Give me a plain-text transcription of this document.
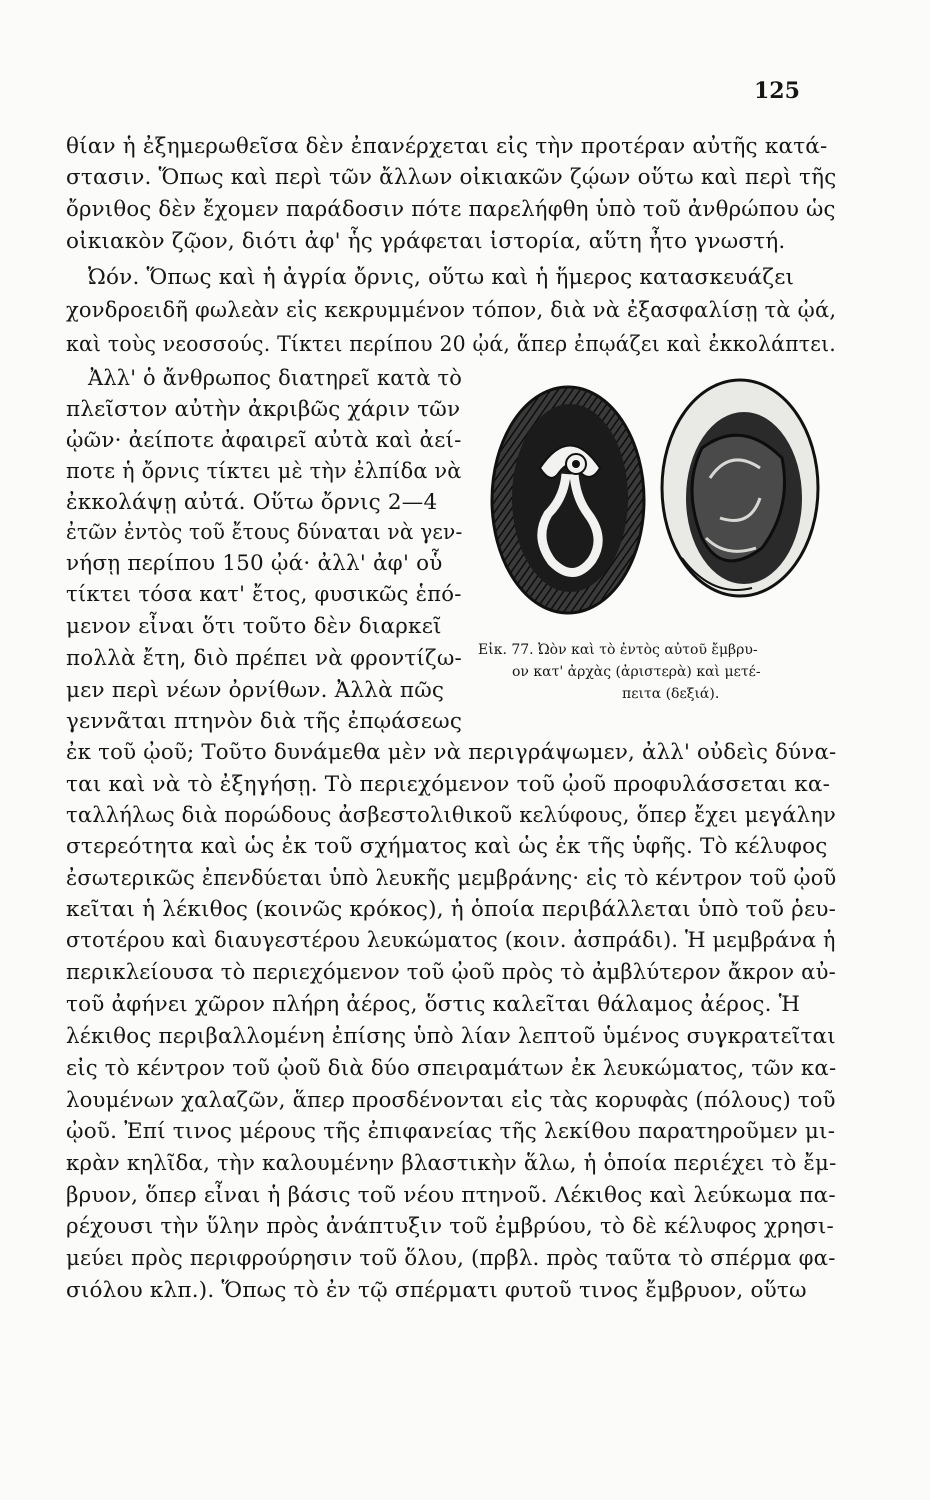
125
θίαν ἡ ἐξημερωθεῖσα δὲν ἐπανέρχεται εἰς τὴν προτέραν αὐτῆς κατά-
στασιν. Ὅπως καὶ περὶ τῶν ἄλλων οἰκιακῶν ζῴων οὕτω καὶ περὶ τῆς
ὄρνιθος δὲν ἔχομεν παράδοσιν πότε παρελήφθη ὑπὸ τοῦ ἀνθρώπου ὡς
οἰκιακὸν ζῷον, διότι ἀφ' ἧς γράφεται ἱστορία, αὕτη ἦτο γνωστή.
Ὠόν. Ὅπως καὶ ἡ ἀγρία ὄρνις, οὕτω καὶ ἡ ἥμερος κατασκευάζει
χονδροειδῆ φωλεὰν εἰς κεκρυμμένον τόπον, διὰ νὰ ἐξασφαλίσῃ τὰ ᾠά,
καὶ τοὺς νεοσσούς. Τίκτει περίπου 20 ᾠά, ἅπερ ἐπῳάζει καὶ ἐκκολάπτει.
Ἀλλ' ὁ ἄνθρωπος διατηρεῖ κατὰ τὸ
πλεῖστον αὐτὴν ἀκριβῶς χάριν τῶν
ᾠῶν· ἀείποτε ἀφαιρεῖ αὐτὰ καὶ ἀεί-
ποτε ἡ ὄρνις τίκτει μὲ τὴν ἐλπίδα νὰ
ἐκκολάψῃ αὐτά. Οὕτω ὄρνις 2—4
ἐτῶν ἐντὸς τοῦ ἔτους δύναται νὰ γεν-
νήσῃ περίπου 150 ᾠά· ἀλλ' ἀφ' οὗ
τίκτει τόσα κατ' ἔτος, φυσικῶς ἑπό-
μενον εἶναι ὅτι τοῦτο δὲν διαρκεῖ
πολλὰ ἔτη, διὸ πρέπει νὰ φροντίζω-
μεν περὶ νέων ὀρνίθων. Ἀλλὰ πῶς
γεννᾶται πτηνὸν διὰ τῆς ἐπῳάσεως
Εἰκ. 77. Ὠὸν καὶ τὸ ἐντὸς αὐτοῦ ἔμβρυ-
ον κατ' ἀρχὰς (ἀριστερὰ) καὶ μετέ-
πειτα (δεξιά).
ἐκ τοῦ ᾠοῦ; Τοῦτο δυνάμεθα μὲν νὰ περιγράψωμεν, ἀλλ' οὐδεὶς δύνα-
ται καὶ νὰ τὸ ἐξηγήσῃ. Τὸ περιεχόμενον τοῦ ᾠοῦ προφυλάσσεται κα-
ταλλήλως διὰ πορώδους ἀσβεστολιθικοῦ κελύφους, ὅπερ ἔχει μεγάλην
στερεότητα καὶ ὡς ἐκ τοῦ σχήματος καὶ ὡς ἐκ τῆς ὑφῆς. Τὸ κέλυφος
ἐσωτερικῶς ἐπενδύεται ὑπὸ λευκῆς μεμβράνης· εἰς τὸ κέντρον τοῦ ᾠοῦ
κεῖται ἡ λέκιθος (κοινῶς κρόκος), ἡ ὁποία περιβάλλεται ὑπὸ τοῦ ῥευ-
στοτέρου καὶ διαυγεστέρου λευκώματος (κοιν. ἀσπράδι). Ἡ μεμβράνα ἡ
περικλείουσα τὸ περιεχόμενον τοῦ ᾠοῦ πρὸς τὸ ἀμβλύτερον ἄκρον αὐ-
τοῦ ἀφήνει χῶρον πλήρη ἀέρος, ὅστις καλεῖται θάλαμος ἀέρος. Ἡ
λέκιθος περιβαλλομένη ἐπίσης ὑπὸ λίαν λεπτοῦ ὑμένος συγκρατεῖται
εἰς τὸ κέντρον τοῦ ᾠοῦ διὰ δύο σπειραμάτων ἐκ λευκώματος, τῶν κα-
λουμένων χαλαζῶν, ἅπερ προσδένονται εἰς τὰς κορυφὰς (πόλους) τοῦ
ᾠοῦ. Ἐπί τινος μέρους τῆς ἐπιφανείας τῆς λεκίθου παρατηροῦμεν μι-
κρὰν κηλῖδα, τὴν καλουμένην βλαστικὴν ἅλω, ἡ ὁποία περιέχει τὸ ἔμ-
βρυον, ὅπερ εἶναι ἡ βάσις τοῦ νέου πτηνοῦ. Λέκιθος καὶ λεύκωμα πα-
ρέχουσι τὴν ὕλην πρὸς ἀνάπτυξιν τοῦ ἐμβρύου, τὸ δὲ κέλυφος χρησι-
μεύει πρὸς περιφρούρησιν τοῦ ὅλου, (πρβλ. πρὸς ταῦτα τὸ σπέρμα φα-
σιόλου κλπ.). Ὅπως τὸ ἐν τῷ σπέρματι φυτοῦ τινος ἔμβρυον, οὕτω
